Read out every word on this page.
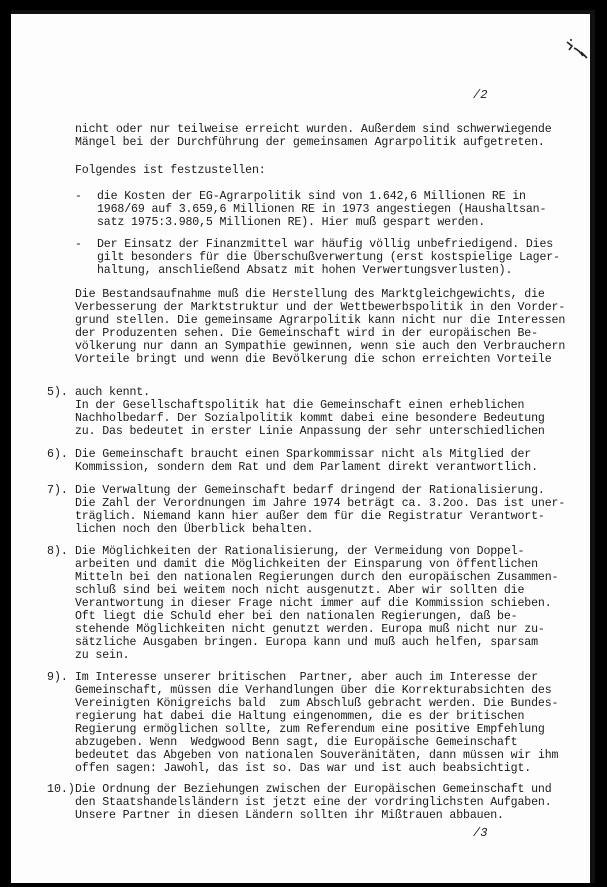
/2
nicht oder nur teilweise erreicht wurden. Außerdem sind schwerwiegende
Mängel bei der Durchführung der gemeinsamen Agrarpolitik aufgetreten.
Folgendes ist festzustellen:
- die Kosten der EG-Agrarpolitik sind von 1.642,6 Millionen RE in
1968/69 auf 3.659,6 Millionen RE in 1973 angestiegen (Haushaltsan-
satz 1975:3.980,5 Millionen RE). Hier muß gespart werden.
- Der Einsatz der Finanzmittel war häufig völlig unbefriedigend. Dies
gilt besonders für die Überschußverwertung (erst kostspielige Lager-
haltung, anschließend Absatz mit hohen Verwertungsverlusten).
Die Bestandsaufnahme muß die Herstellung des Marktgleichgewichts, die
Verbesserung der Marktstruktur und der Wettbewerbspolitik in den Vorder-
grund stellen. Die gemeinsame Agrarpolitik kann nicht nur die Interessen
der Produzenten sehen. Die Gemeinschaft wird in der europäischen Be-
völkerung nur dann an Sympathie gewinnen, wenn sie auch den Verbrauchern
Vorteile bringt und wenn die Bevölkerung die schon erreichten Vorteile
5). auch kennt.
In der Gesellschaftspolitik hat die Gemeinschaft einen erheblichen
Nachholbedarf. Der Sozialpolitik kommt dabei eine besondere Bedeutung
zu. Das bedeutet in erster Linie Anpassung der sehr unterschiedlichen
6). Die Gemeinschaft braucht einen Sparkommissar nicht als Mitglied der
Kommission, sondern dem Rat und dem Parlament direkt verantwortlich.
7). Die Verwaltung der Gemeinschaft bedarf dringend der Rationalisierung.
Die Zahl der Verordnungen im Jahre 1974 beträgt ca. 3.2oo. Das ist uner-
träglich. Niemand kann hier außer dem für die Registratur Verantwort-
lichen noch den Überblick behalten.
8). Die Möglichkeiten der Rationalisierung, der Vermeidung von Doppel-
arbeiten und damit die Möglichkeiten der Einsparung von öffentlichen
Mitteln bei den nationalen Regierungen durch den europäischen Zusammen-
schluß sind bei weitem noch nicht ausgenutzt. Aber wir sollten die
Verantwortung in dieser Frage nicht immer auf die Kommission schieben.
Oft liegt die Schuld eher bei den nationalen Regierungen, daß be-
stehende Möglichkeiten nicht genutzt werden. Europa muß nicht nur zu-
sätzliche Ausgaben bringen. Europa kann und muß auch helfen, sparsam
zu sein.
9). Im Interesse unserer britischen  Partner, aber auch im Interesse der
Gemeinschaft, müssen die Verhandlungen über die Korrekturabsichten des
Vereinigten Königreichs bald  zum Abschluß gebracht werden. Die Bundes-
regierung hat dabei die Haltung eingenommen, die es der britischen
Regierung ermöglichen sollte, zum Referendum eine positive Empfehlung
abzugeben. Wenn  Wedgwood Benn sagt, die Europäische Gemeinschaft
bedeutet das Abgeben von nationalen Souveränitäten, dann müssen wir ihm
offen sagen: Jawohl, das ist so. Das war und ist auch beabsichtigt.
10.) Die Ordnung der Beziehungen zwischen der Europäischen Gemeinschaft und
den Staatshandelsländern ist jetzt eine der vordringlichsten Aufgaben.
Unsere Partner in diesen Ländern sollten ihr Mißtrauen abbauen.
/3
